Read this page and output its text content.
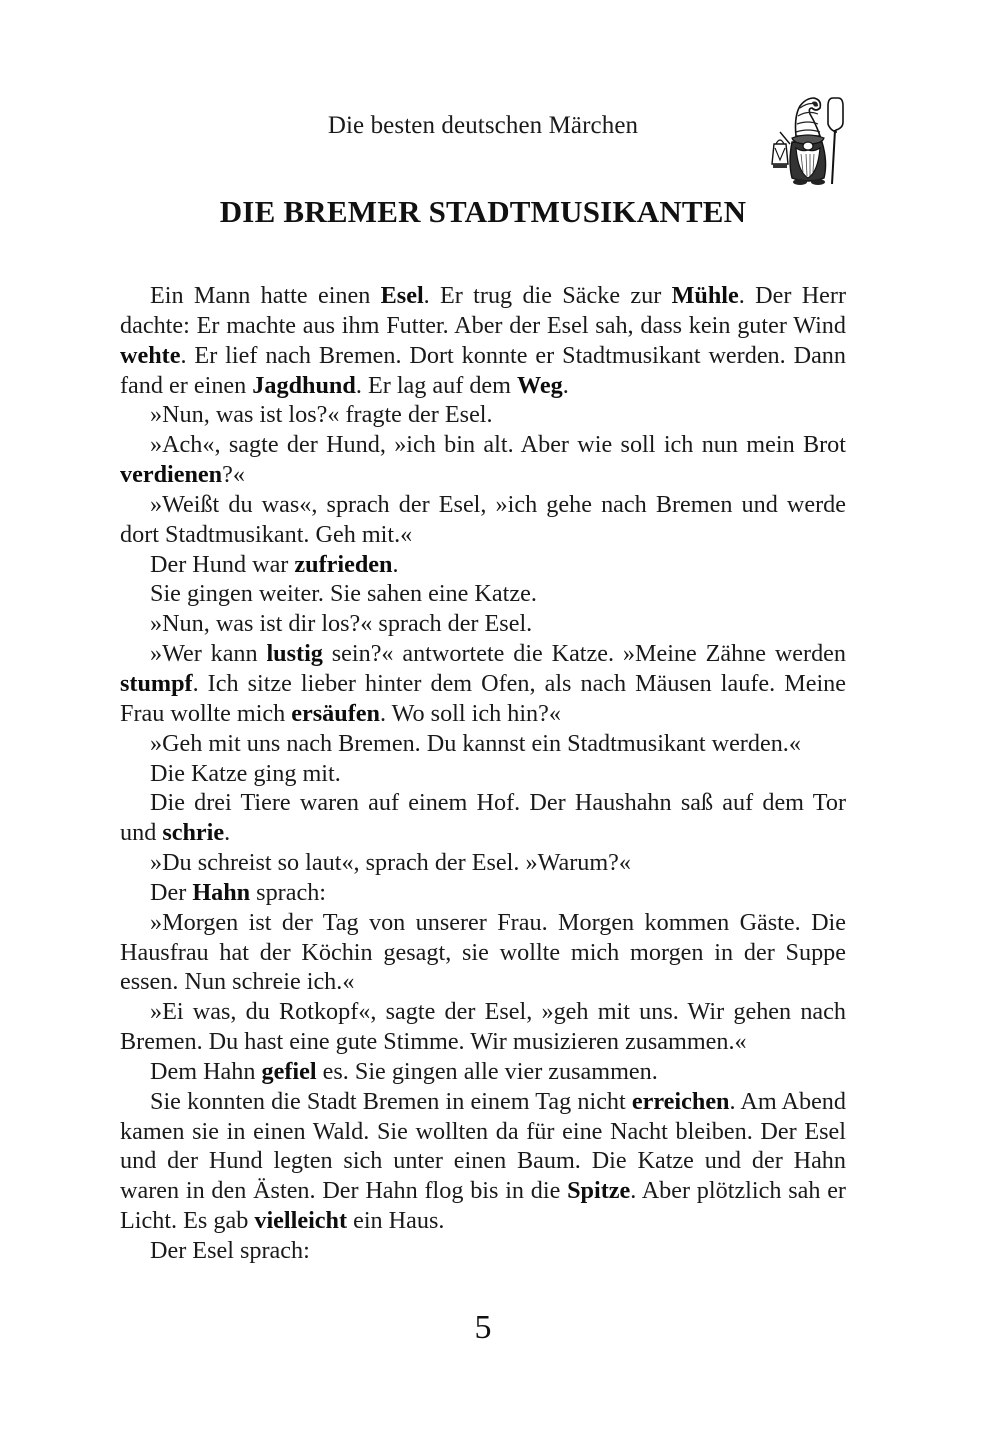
Die besten deutschen Märchen
DIE BREMER STADTMUSIKANTEN

Ein Mann hatte einen Esel. Er trug die Säcke zur Mühle. Der Herr dachte: Er machte aus ihm Futter. Aber der Esel sah, dass kein guter Wind wehte. Er lief nach Bremen. Dort konnte er Stadtmusikant werden. Dann fand er einen Jagdhund. Er lag auf dem Weg.

»Nun, was ist los?« fragte der Esel.

»Ach«, sagte der Hund, »ich bin alt. Aber wie soll ich nun mein Brot verdienen?«

»Weißt du was«, sprach der Esel, »ich gehe nach Bremen und werde dort Stadtmusikant. Geh mit.«

Der Hund war zufrieden.

Sie gingen weiter. Sie sahen eine Katze.

»Nun, was ist dir los?« sprach der Esel.

»Wer kann lustig sein?« antwortete die Katze. »Meine Zähne werden stumpf. Ich sitze lieber hinter dem Ofen, als nach Mäusen laufe. Meine Frau wollte mich ersäufen. Wo soll ich hin?«

»Geh mit uns nach Bremen. Du kannst ein Stadtmusikant werden.«

Die Katze ging mit.

Die drei Tiere waren auf einem Hof. Der Haushahn saß auf dem Tor und schrie.

»Du schreist so laut«, sprach der Esel. »Warum?«

Der Hahn sprach:

»Morgen ist der Tag von unserer Frau. Morgen kommen Gäste. Die Hausfrau hat der Köchin gesagt, sie wollte mich morgen in der Suppe essen. Nun schreie ich.«

»Ei was, du Rotkopf«, sagte der Esel, »geh mit uns. Wir gehen nach Bremen. Du hast eine gute Stimme. Wir musizieren zusammen.«

Dem Hahn gefiel es. Sie gingen alle vier zusammen.

Sie konnten die Stadt Bremen in einem Tag nicht erreichen. Am Abend kamen sie in einen Wald. Sie wollten da für eine Nacht bleiben. Der Esel und der Hund legten sich unter einen Baum. Die Katze und der Hahn waren in den Ästen. Der Hahn flog bis in die Spitze. Aber plötzlich sah er Licht. Es gab vielleicht ein Haus.

Der Esel sprach:

5
